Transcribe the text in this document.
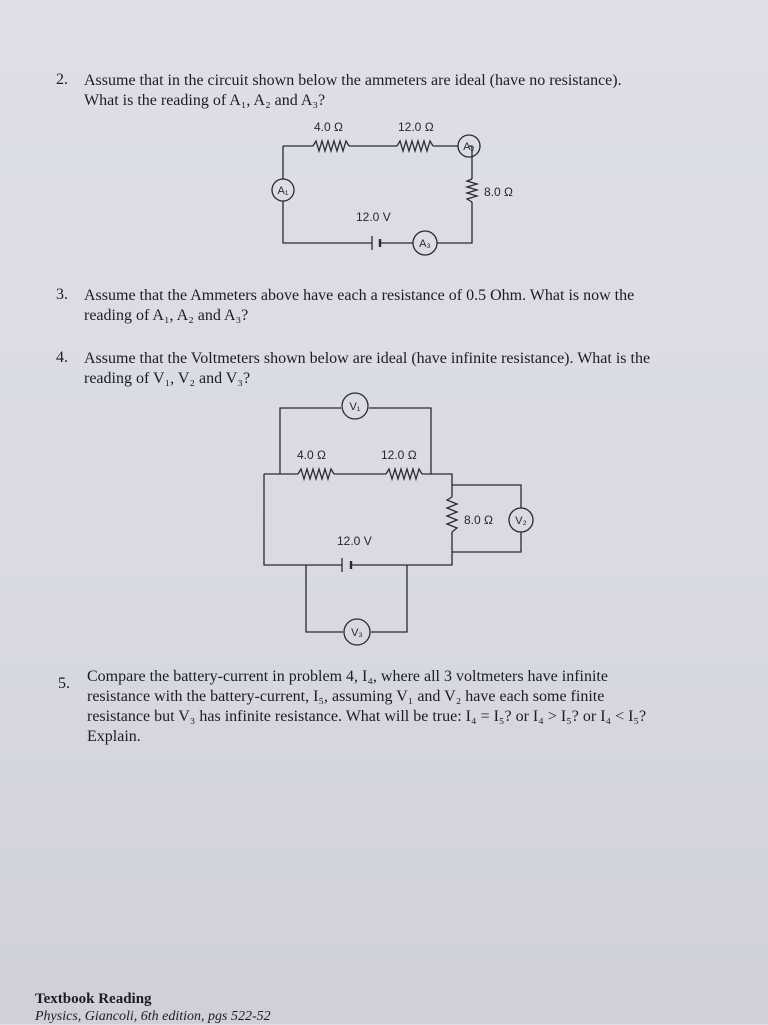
2. Assume that in the circuit shown below the ammeters are ideal (have no resistance).

What is the reading of A₁, A₂ and A₃?

4.0 Ω	12.0 Ω
8.0 Ω
12.0 V
A₁
A₂
A₃
4.0 Ω	12.0 Ω
8.0 Ω
12.0 V
V₁
V₂
V₃
3. Assume that the Ammeters above have each a resistance of 0.5 Ohm. What is now the

reading of A₁, A₂ and A₃?

4. Assume that the Voltmeters shown below are ideal (have infinite resistance). What is the

reading of V₁, V₂ and V₃?

5. Compare the battery-current in problem 4, I₄, where all 3 voltmeters have infinite

resistance with the battery-current, I₅, assuming V₁ and V₂ have each some finite

resistance but V₃ has infinite resistance. What will be true: I₄ = I₅? or I₄ > I₅? or I₄ < I₅?

Explain.

Textbook Reading
Physics, Giancoli, 6th edition, pgs 522-52
